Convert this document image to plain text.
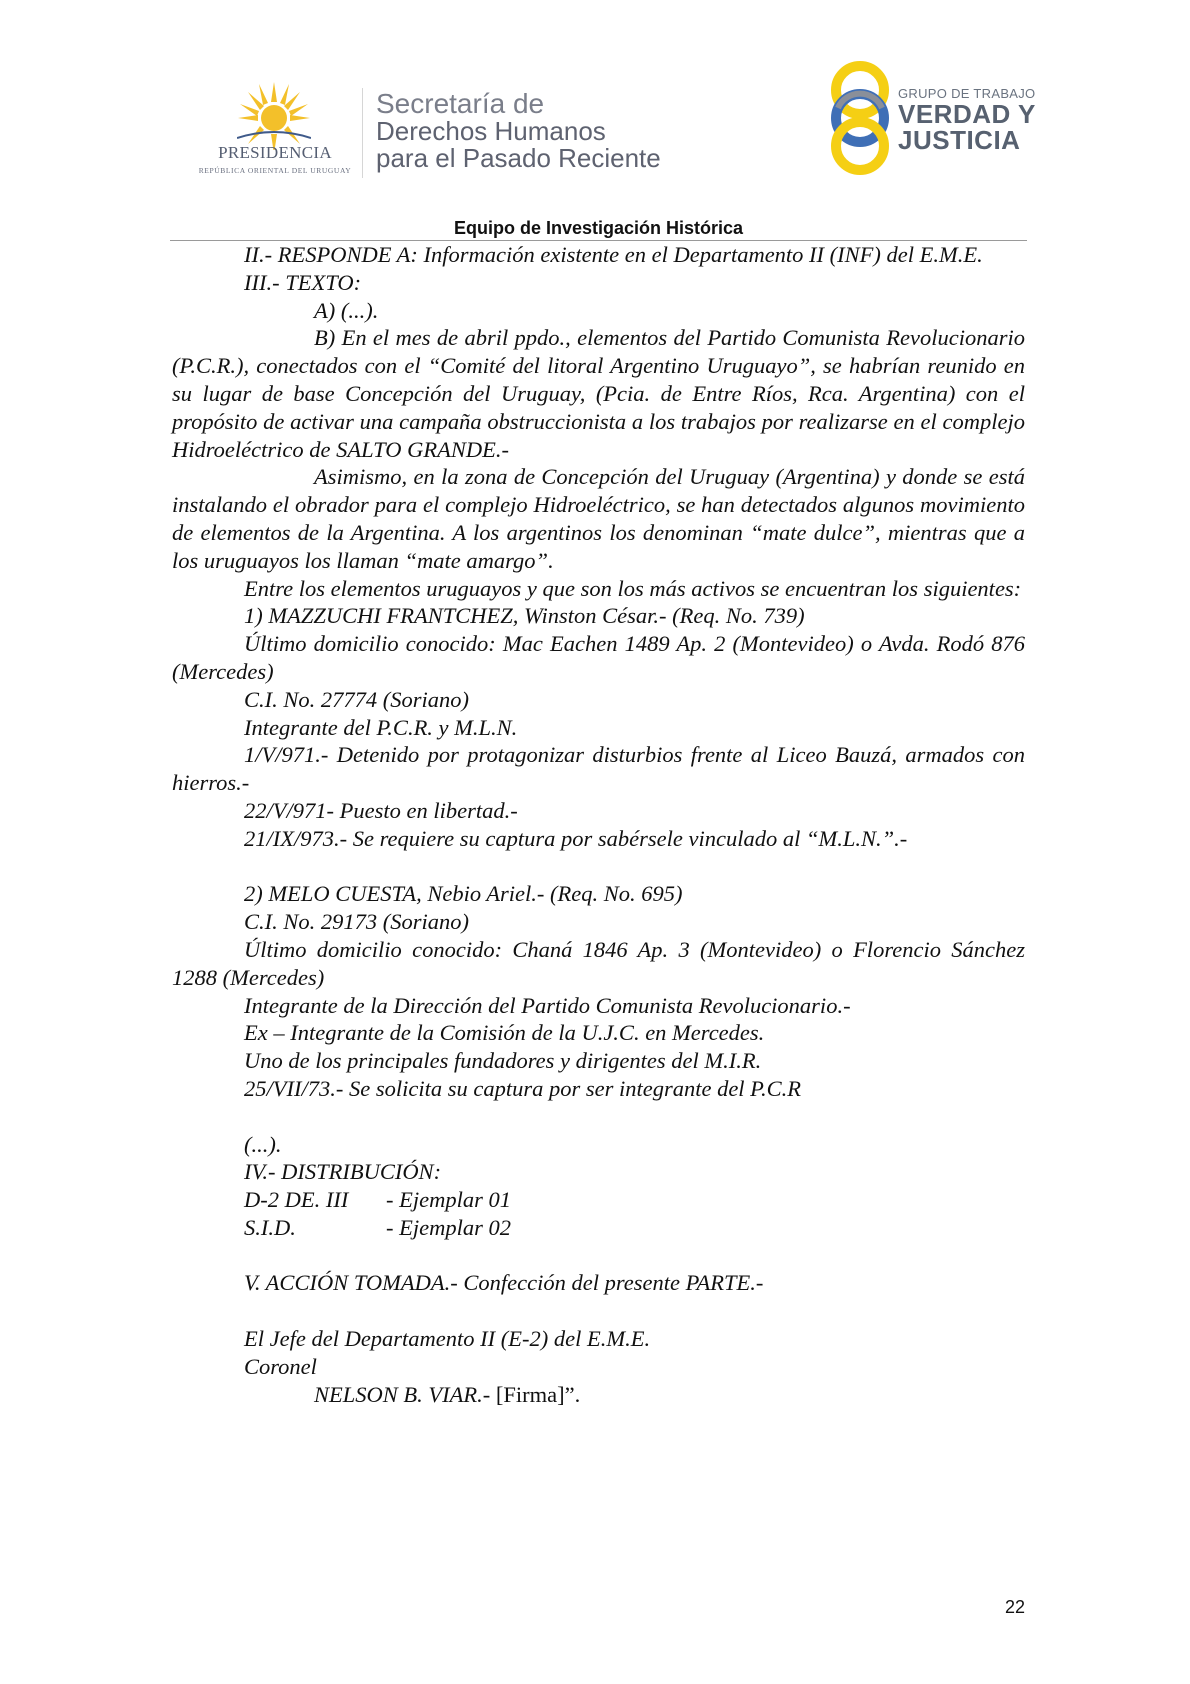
PRESIDENCIA
REPÚBLICA ORIENTAL DEL URUGUAY
Secretaría de
Derechos Humanos
para el Pasado Reciente
GRUPO DE TRABAJO
VERDAD Y
JUSTICIA
Equipo de Investigación Histórica

II.- RESPONDE A: Información existente en el Departamento II (INF) del E.M.E.

III.- TEXTO:

A) (...).

B) En el mes de abril ppdo., elementos del Partido Comunista Revolucionario (P.C.R.), conectados con el “Comité del litoral Argentino Uruguayo”, se habrían reunido en su lugar de base Concepción del Uruguay, (Pcia. de Entre Ríos, Rca. Argentina) con el propósito de activar una campaña obstruccionista a los trabajos por realizarse en el complejo Hidroeléctrico de SALTO GRANDE.-

Asimismo, en la zona de Concepción del Uruguay (Argentina) y donde se está instalando el obrador para el complejo Hidroeléctrico, se han detectados algunos movimiento de elementos de la Argentina. A los argentinos los denominan “mate dulce”, mientras que a los uruguayos los llaman “mate amargo”.

Entre los elementos uruguayos y que son los más activos se encuentran los siguientes:

1) MAZZUCHI FRANTCHEZ, Winston César.- (Req. No. 739)

Último domicilio conocido: Mac Eachen 1489 Ap. 2 (Montevideo) o Avda. Rodó 876 (Mercedes)

C.I. No. 27774 (Soriano)

Integrante del P.C.R. y M.L.N.

1/V/971.- Detenido por protagonizar disturbios frente al Liceo Bauzá, armados con hierros.-

22/V/971- Puesto en libertad.-

21/IX/973.- Se requiere su captura por sabérsele vinculado al “M.L.N.”.-

2) MELO CUESTA, Nebio Ariel.- (Req. No. 695)

C.I. No. 29173 (Soriano)

Último domicilio conocido: Chaná 1846 Ap. 3 (Montevideo) o Florencio Sánchez 1288 (Mercedes)

Integrante de la Dirección del Partido Comunista Revolucionario.-

Ex – Integrante de la Comisión de la U.J.C. en Mercedes.

Uno de los principales fundadores y dirigentes del M.I.R.

25/VII/73.- Se solicita su captura por ser integrante del P.C.R

(...).

IV.- DISTRIBUCIÓN:

D-2 DE. III	- Ejemplar 01
S.I.D.	- Ejemplar 02

V. ACCIÓN TOMADA.- Confección del presente PARTE.-

El Jefe del Departamento II (E-2) del E.M.E.

Coronel

NELSON B. VIAR.- [Firma]”.

22
